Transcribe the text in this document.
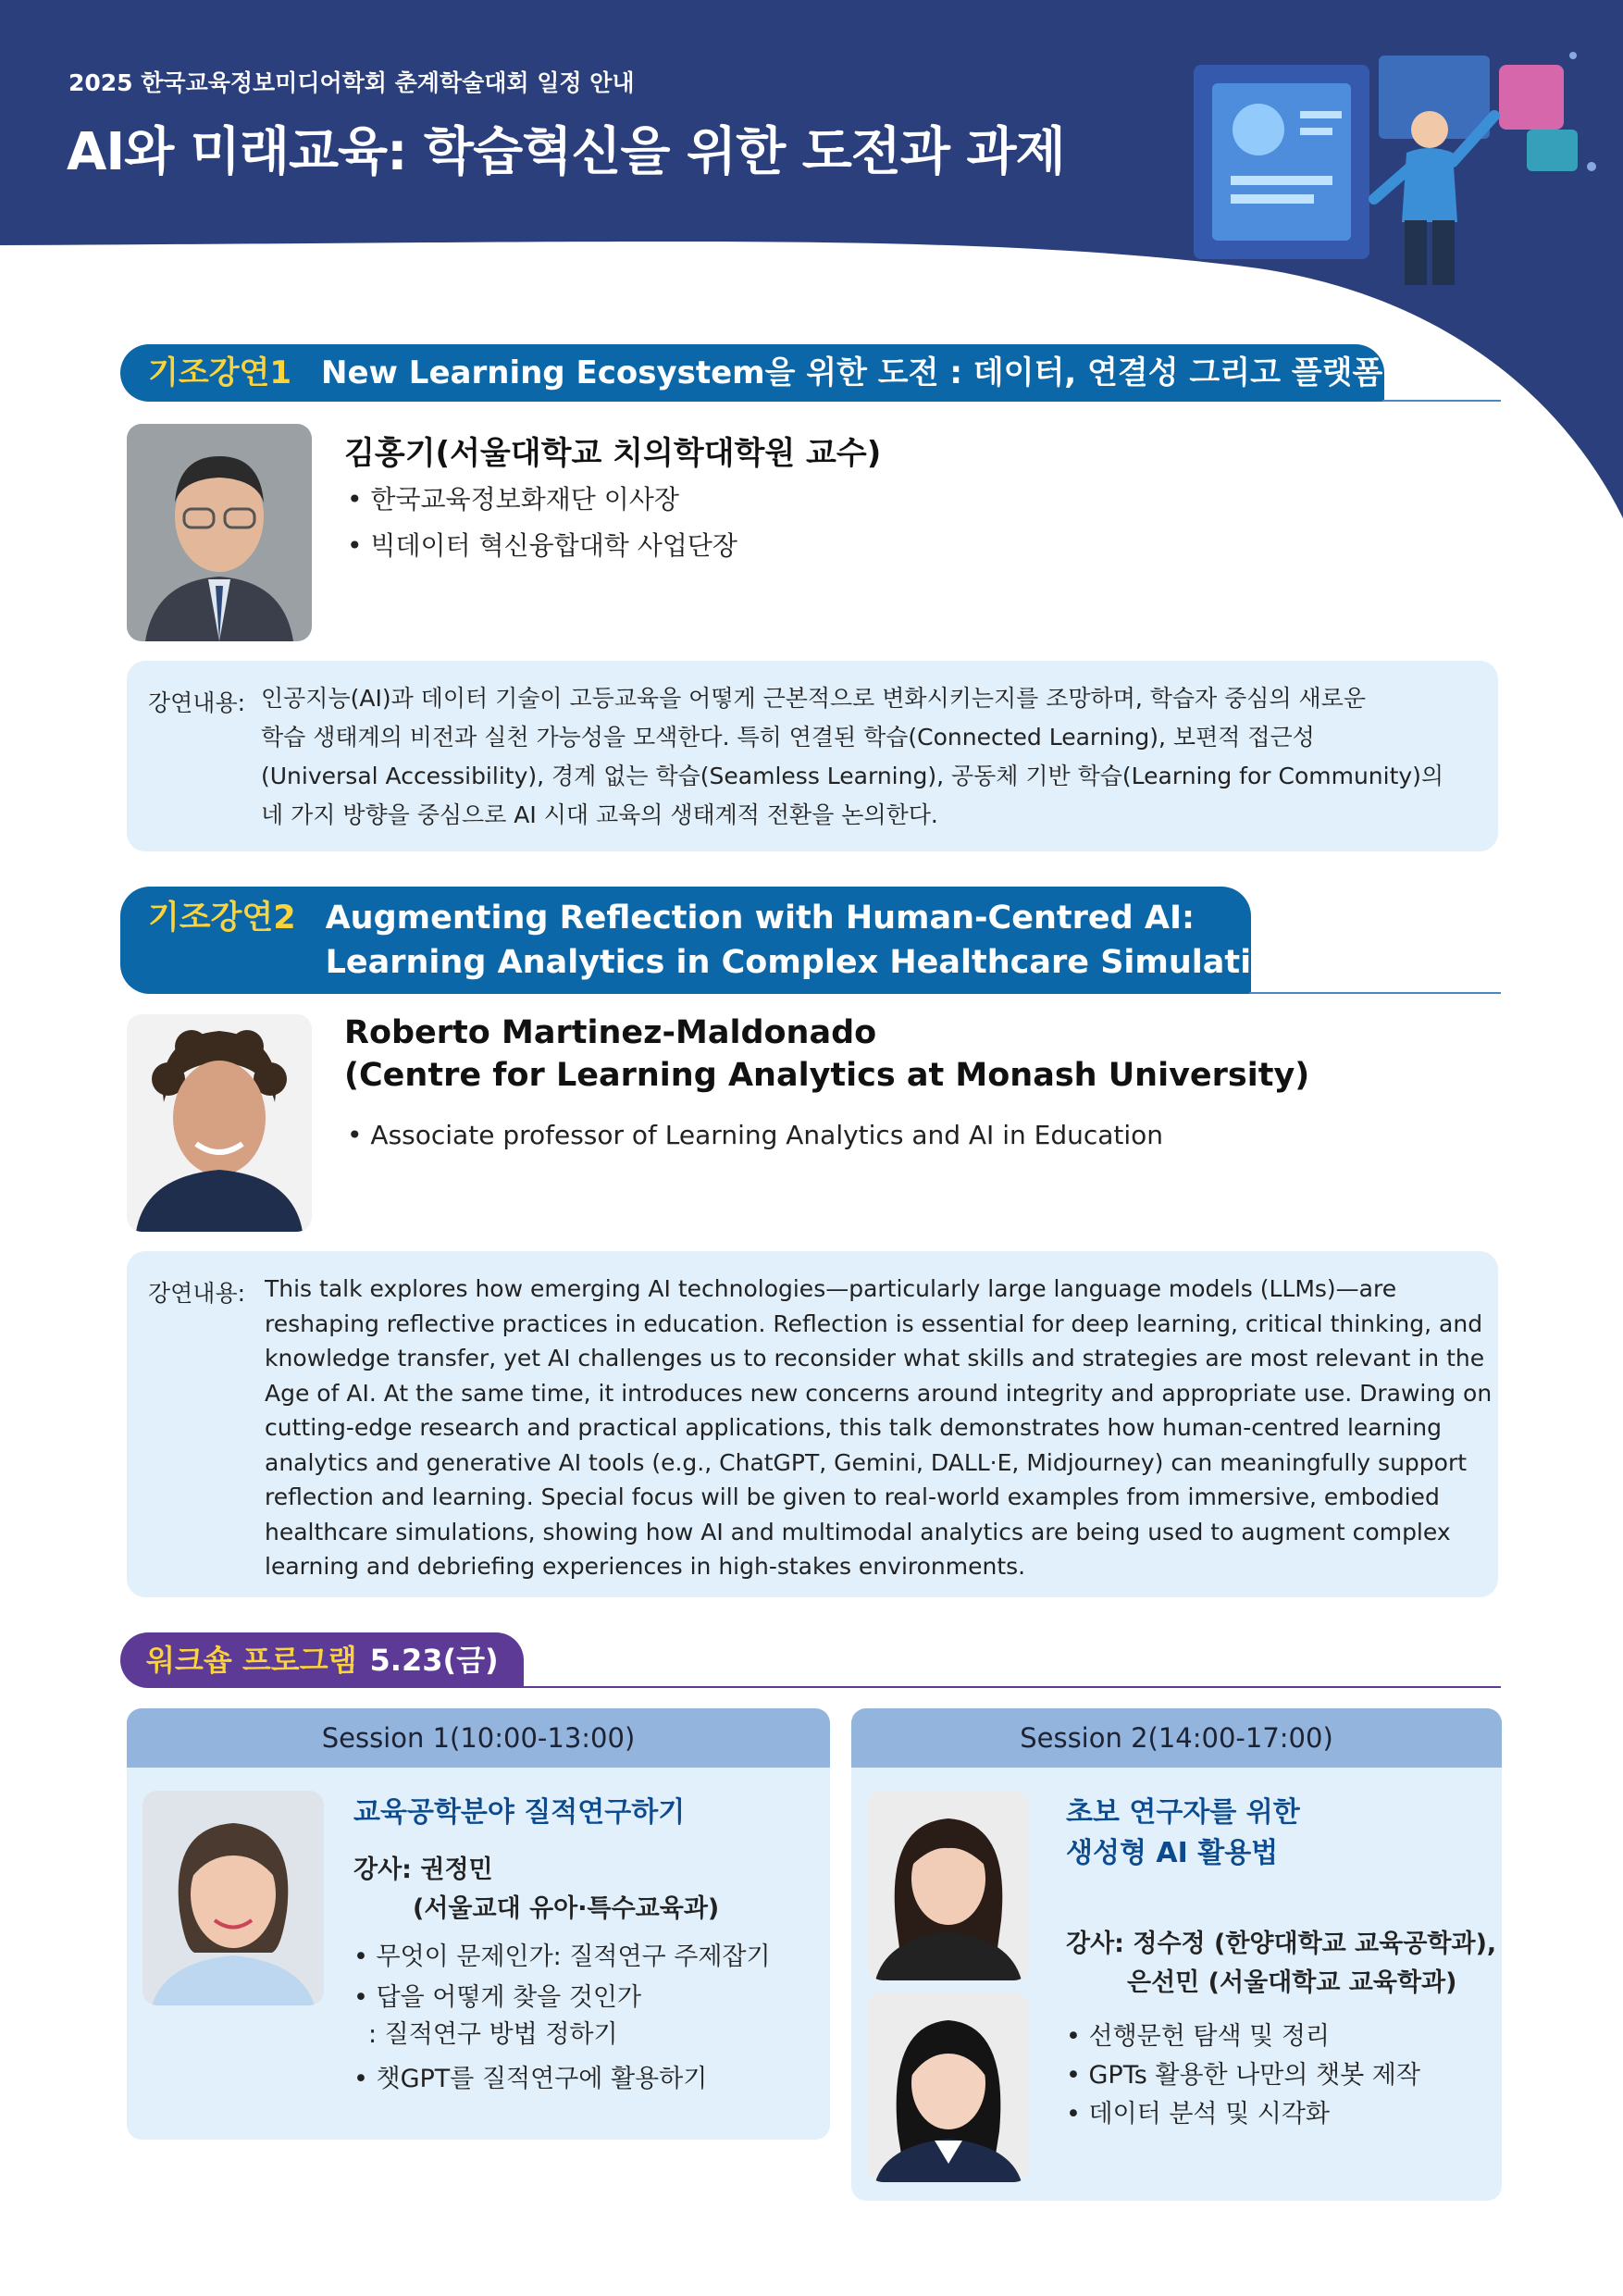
2025 한국교육정보미디어학회 춘계학술대회 일정 안내
AI와 미래교육: 학습혁신을 위한 도전과 과제
기조강연1 New Learning Ecosystem을 위한 도전 : 데이터, 연결성 그리고 플랫폼
김홍기(서울대학교 치의학대학원 교수)
• 한국교육정보화재단 이사장
• 빅데이터 혁신융합대학 사업단장
강연내용: 인공지능(AI)과 데이터 기술이 고등교육을 어떻게 근본적으로 변화시키는지를 조망하며, 학습자 중심의 새로운
학습 생태계의 비전과 실천 가능성을 모색한다. 특히 연결된 학습(Connected Learning), 보편적 접근성
(Universal Accessibility), 경계 없는 학습(Seamless Learning), 공동체 기반 학습(Learning for Community)의
네 가지 방향을 중심으로 AI 시대 교육의 생태계적 전환을 논의한다.
기조강연2 Augmenting Reflection with Human-Centred AI:
Learning Analytics in Complex Healthcare Simulations
Roberto Martinez-Maldonado
(Centre for Learning Analytics at Monash University)
• Associate professor of Learning Analytics and AI in Education
강연내용: This talk explores how emerging AI technologies—particularly large language models (LLMs)—are
reshaping reflective practices in education. Reflection is essential for deep learning, critical thinking, and
knowledge transfer, yet AI challenges us to reconsider what skills and strategies are most relevant in the
Age of AI. At the same time, it introduces new concerns around integrity and appropriate use. Drawing on
cutting-edge research and practical applications, this talk demonstrates how human-centred learning
analytics and generative AI tools (e.g., ChatGPT, Gemini, DALL·E, Midjourney) can meaningfully support
reflection and learning. Special focus will be given to real-world examples from immersive, embodied
healthcare simulations, showing how AI and multimodal analytics are being used to augment complex
learning and debriefing experiences in high-stakes environments.
워크숍 프로그램 5.23(금)
Session 1(10:00-13:00)
교육공학분야 질적연구하기
강사: 권정민
(서울교대 유아·특수교육과)
• 무엇이 문제인가: 질적연구 주제잡기
• 답을 어떻게 찾을 것인가
: 질적연구 방법 정하기
• 챗GPT를 질적연구에 활용하기
Session 2(14:00-17:00)
초보 연구자를 위한
생성형 AI 활용법
강사: 정수정 (한양대학교 교육공학과),
은선민 (서울대학교 교육학과)
• 선행문헌 탐색 및 정리
• GPTs 활용한 나만의 챗봇 제작
• 데이터 분석 및 시각화
